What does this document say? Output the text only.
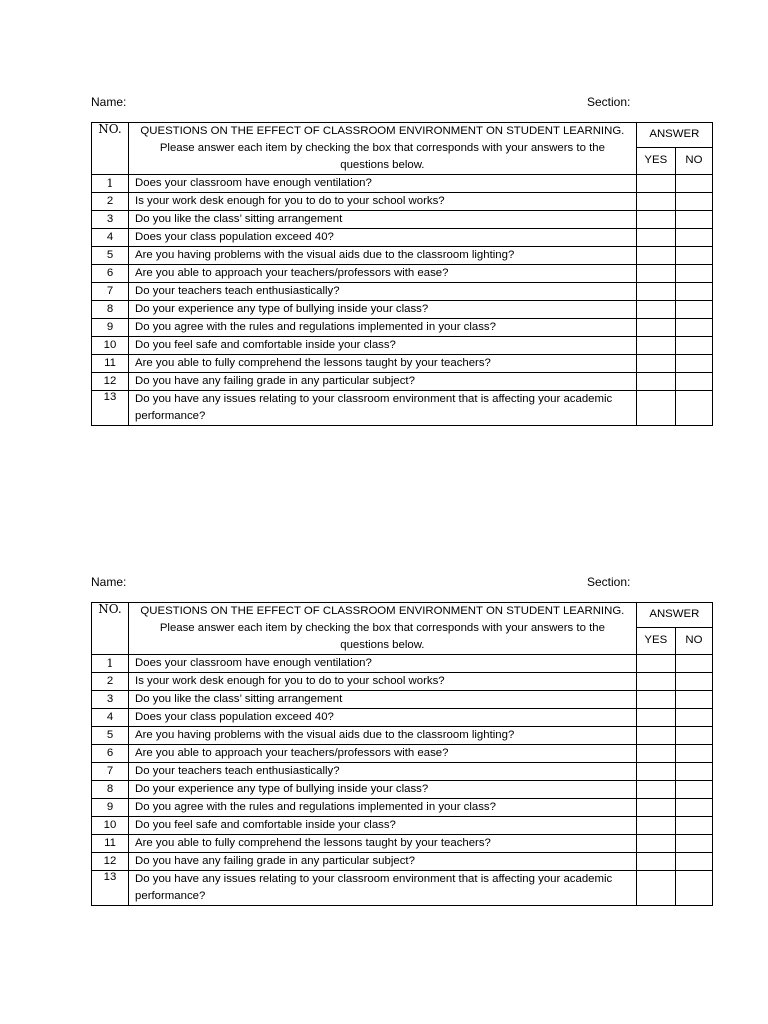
Name:	Section:
NO.	QUESTIONS ON THE EFFECT OF CLASSROOM ENVIRONMENT ON STUDENT LEARNING. Please answer each item by checking the box that corresponds with your answers to the questions below.	ANSWER	
		YES	NO
1	Does your classroom have enough ventilation?		
2	Is your work desk enough for you to do to your school works?		
3	Do you like the class’ sitting arrangement		
4	Does your class population exceed 40?		
5	Are you having problems with the visual aids due to the classroom lighting?		
6	Are you able to approach your teachers/professors with ease?		
7	Do your teachers teach enthusiastically?		
8	Do your experience any type of bullying inside your class?		
9	Do you agree with the rules and regulations implemented in your class?		
10	Do you feel safe and comfortable inside your class?		
11	Are you able to fully comprehend the lessons taught by your teachers?		
12	Do you have any failing grade in any particular subject?		
13	Do you have any issues relating to your classroom environment that is affecting your academic performance?		
Name:	Section:
NO.	QUESTIONS ON THE EFFECT OF CLASSROOM ENVIRONMENT ON STUDENT LEARNING. Please answer each item by checking the box that corresponds with your answers to the questions below.	ANSWER	
		YES	NO
1	Does your classroom have enough ventilation?		
2	Is your work desk enough for you to do to your school works?		
3	Do you like the class’ sitting arrangement		
4	Does your class population exceed 40?		
5	Are you having problems with the visual aids due to the classroom lighting?		
6	Are you able to approach your teachers/professors with ease?		
7	Do your teachers teach enthusiastically?		
8	Do your experience any type of bullying inside your class?		
9	Do you agree with the rules and regulations implemented in your class?		
10	Do you feel safe and comfortable inside your class?		
11	Are you able to fully comprehend the lessons taught by your teachers?		
12	Do you have any failing grade in any particular subject?		
13	Do you have any issues relating to your classroom environment that is affecting your academic performance?		
